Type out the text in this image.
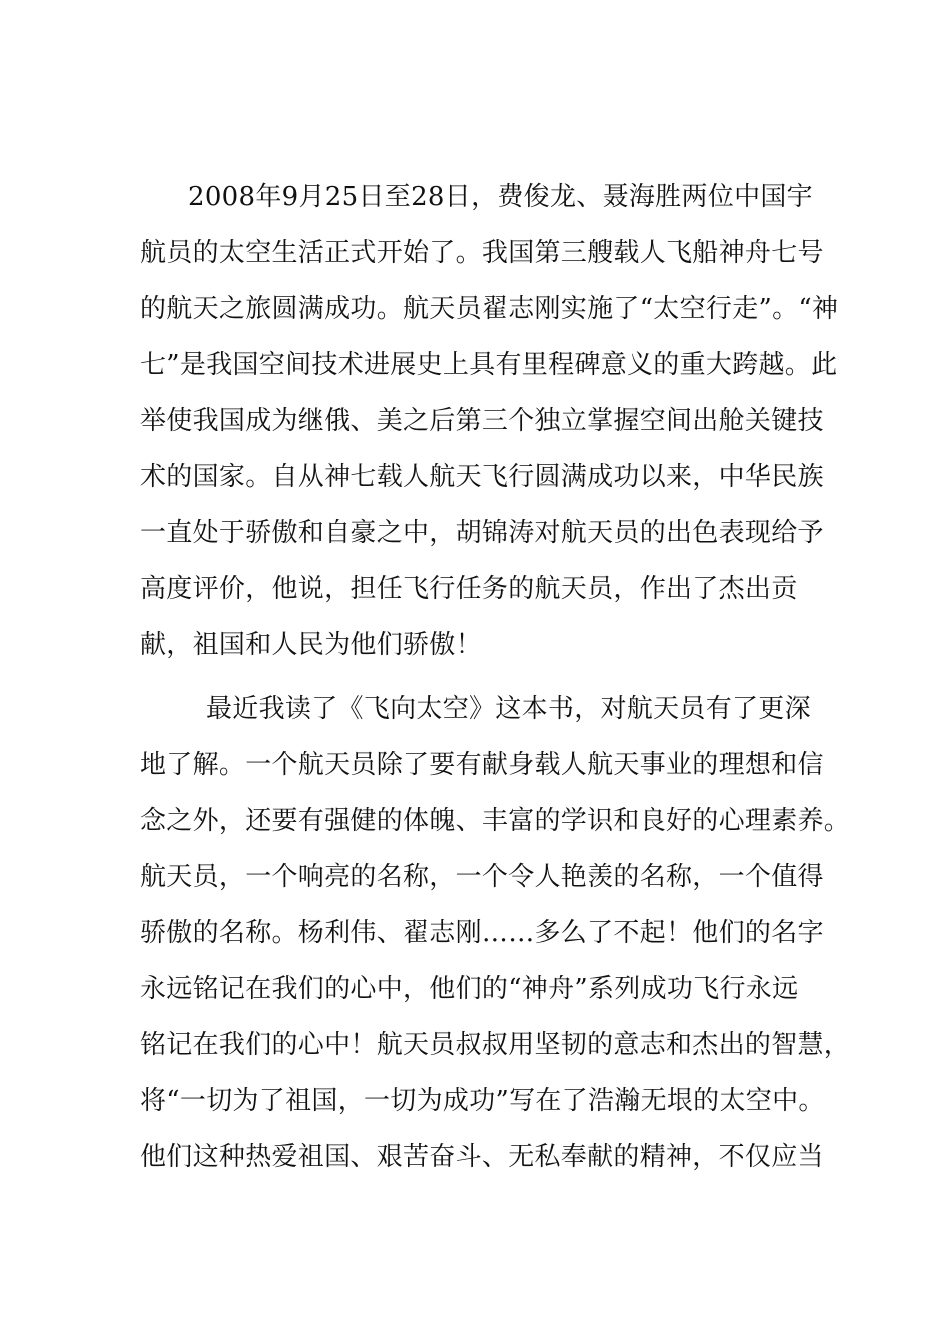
2008年9月25日至28日，费俊龙、聂海胜两位中国宇
航员的太空生活正式开始了。我国第三艘载人飞船神舟七号
的航天之旅圆满成功。航天员翟志刚实施了“太空行走”。“神
七”是我国空间技术进展史上具有里程碑意义的重大跨越。此
举使我国成为继俄、美之后第三个独立掌握空间出舱关键技
术的国家。自从神七载人航天飞行圆满成功以来，中华民族
一直处于骄傲和自豪之中，胡锦涛对航天员的出色表现给予
高度评价，他说，担任飞行任务的航天员，作出了杰出贡
献，祖国和人民为他们骄傲！
最近我读了《飞向太空》这本书，对航天员有了更深
地了解。一个航天员除了要有献身载人航天事业的理想和信
念之外，还要有强健的体魄、丰富的学识和良好的心理素养。
航天员，一个响亮的名称，一个令人艳羡的名称，一个值得
骄傲的名称。杨利伟、翟志刚……多么了不起！他们的名字
永远铭记在我们的心中，他们的“神舟”系列成功飞行永远
铭记在我们的心中！航天员叔叔用坚韧的意志和杰出的智慧，
将“一切为了祖国，一切为成功”写在了浩瀚无垠的太空中。
他们这种热爱祖国、艰苦奋斗、无私奉献的精神，不仅应当
